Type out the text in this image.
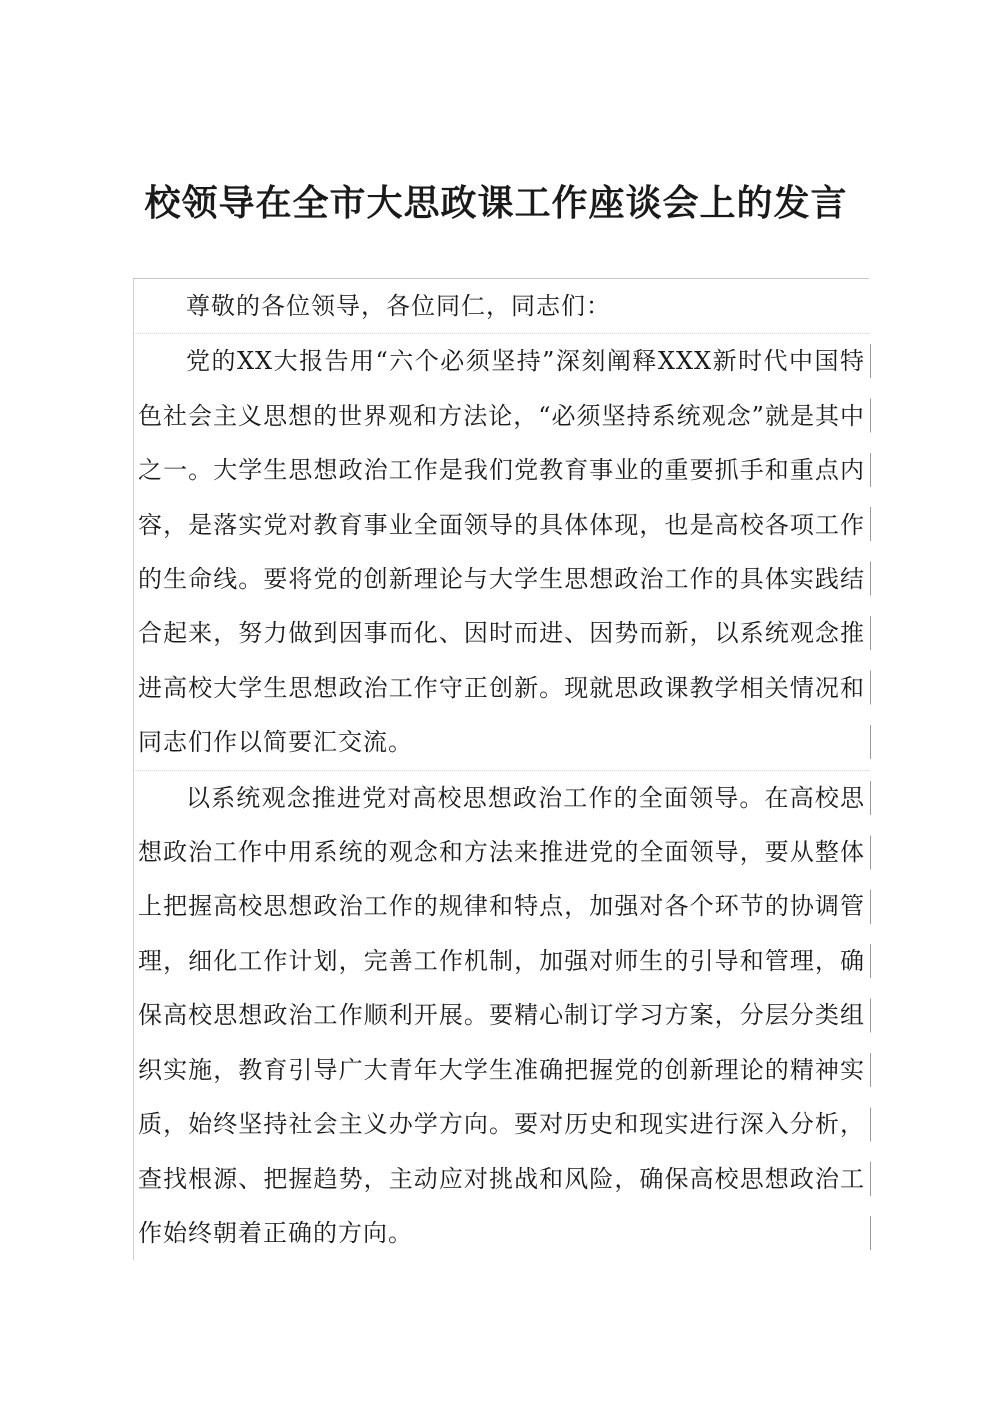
校领导在全市大思政课工作座谈会上的发言

尊敬的各位领导，各位同仁，同志们：

党的XX大报告用“六个必须坚持”深刻阐释XXX新时代中国特色社会主义思想的世界观和方法论，“必须坚持系统观念”就是其中之一。大学生思想政治工作是我们党教育事业的重要抓手和重点内容，是落实党对教育事业全面领导的具体体现，也是高校各项工作的生命线。要将党的创新理论与大学生思想政治工作的具体实践结合起来，努力做到因事而化、因时而进、因势而新，以系统观念推进高校大学生思想政治工作守正创新。现就思政课教学相关情况和同志们作以简要汇交流。

以系统观念推进党对高校思想政治工作的全面领导。在高校思想政治工作中用系统的观念和方法来推进党的全面领导，要从整体上把握高校思想政治工作的规律和特点，加强对各个环节的协调管理，细化工作计划，完善工作机制，加强对师生的引导和管理，确保高校思想政治工作顺利开展。要精心制订学习方案，分层分类组织实施，教育引导广大青年大学生准确把握党的创新理论的精神实质，始终坚持社会主义办学方向。要对历史和现实进行深入分析，查找根源、把握趋势，主动应对挑战和风险，确保高校思想政治工作始终朝着正确的方向。
